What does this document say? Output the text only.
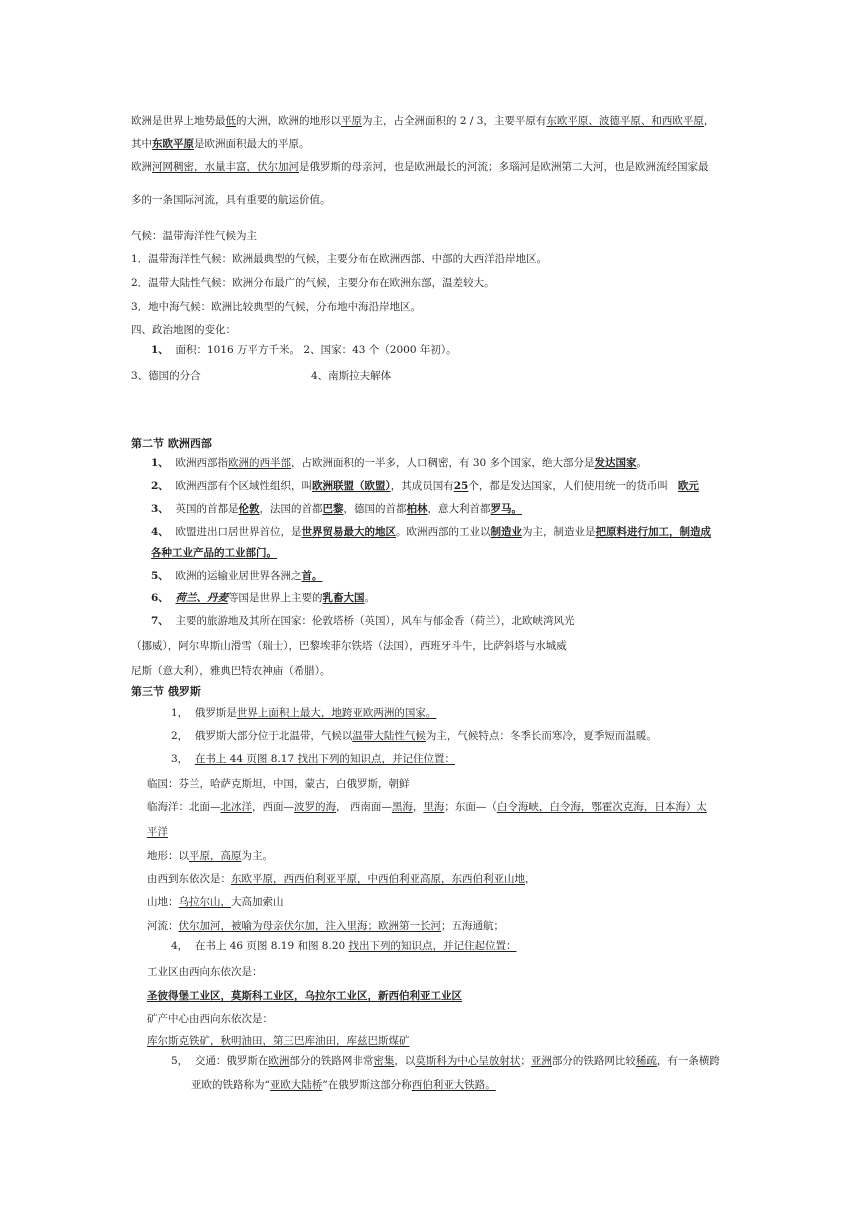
欧洲是世界上地势最低的大洲，欧洲的地形以平原为主，占全洲面积的 2 / 3，主要平原有东欧平原、波德平原、和西欧平原，
其中东欧平原是欧洲面积最大的平原。
欧洲河网稠密，水量丰富，伏尔加河是俄罗斯的母亲河，也是欧洲最长的河流；多瑙河是欧洲第二大河，也是欧洲流经国家最
多的一条国际河流，具有重要的航运价值。
气候：温带海洋性气候为主
1．温带海洋性气候：欧洲最典型的气候，主要分布在欧洲西部、中部的大西洋沿岸地区。
2．温带大陆性气候：欧洲分布最广的气候，主要分布在欧洲东部，温差较大。
3．地中海气候：欧洲比较典型的气候，分布地中海沿岸地区。
四、政治地图的变化：
1、 面积：1016 万平方千米。 2、国家：43 个（2000 年初）。
3、德国的分合	4、南斯拉夫解体
第二节 欧洲西部
1、 欧洲西部指欧洲的西半部，占欧洲面积的一半多，人口稠密，有 30 多个国家，绝大部分是发达国家。
2、 欧洲西部有个区域性组织，叫欧洲联盟（欧盟），其成员国有25个，都是发达国家，人们使用统一的货币叫 欧元
3、 英国的首都是伦敦，法国的首都巴黎，德国的首都柏林，意大利首都罗马。
4、 欧盟进出口居世界首位，是世界贸易最大的地区。欧洲西部的工业以制造业为主，制造业是把原料进行加工，制造成
各种工业产品的工业部门。
5、 欧洲的运输业居世界各洲之首。
6、 荷兰、丹麦等国是世界上主要的乳畜大国。
7、 主要的旅游地及其所在国家：伦敦塔桥（英国），风车与郁金香（荷兰），北欧峡湾风光
（挪威），阿尔卑斯山滑雪（瑞士），巴黎埃菲尔铁塔（法国），西班牙斗牛，比萨斜塔与水城威
尼斯（意大利），雅典巴特农神庙（希腊）。
第三节 俄罗斯
1， 俄罗斯是世界上面积上最大，地跨亚欧两洲的国家。
2， 俄罗斯大部分位于北温带，气候以温带大陆性气候为主，气候特点：冬季长而寒冷，夏季短而温暖。
3， 在书上 44 页图 8.17 找出下列的知识点，并记住位置：
临国：芬兰，哈萨克斯坦，中国，蒙古，白俄罗斯，朝鲜
临海洋：北面—北冰洋，西面—波罗的海， 西南面—黑海，里海；东面—（白令海峡，白令海，鄂霍次克海，日本海）太
平洋
地形：以平原，高原为主。
由西到东依次是：东欧平原，西西伯利亚平原，中西伯利亚高原，东西伯利亚山地，
山地：乌拉尔山，大高加索山
河流：伏尔加河，被喻为母亲伏尔加，注入里海；欧洲第一长河；五海通航；
4， 在书上 46 页图 8.19 和图 8.20 找出下列的知识点，并记住起位置：
工业区由西向东依次是：
圣彼得堡工业区，莫斯科工业区，乌拉尔工业区，新西伯利亚工业区
矿产中心由西向东依次是：
库尔斯克铁矿，秋明油田，第三巴库油田，库兹巴斯煤矿
5， 交通：俄罗斯在欧洲部分的铁路网非常密集，以莫斯科为中心呈放射状；亚洲部分的铁路网比较稀疏，有一条横跨
亚欧的铁路称为“亚欧大陆桥”在俄罗斯这部分称西伯利亚大铁路。
